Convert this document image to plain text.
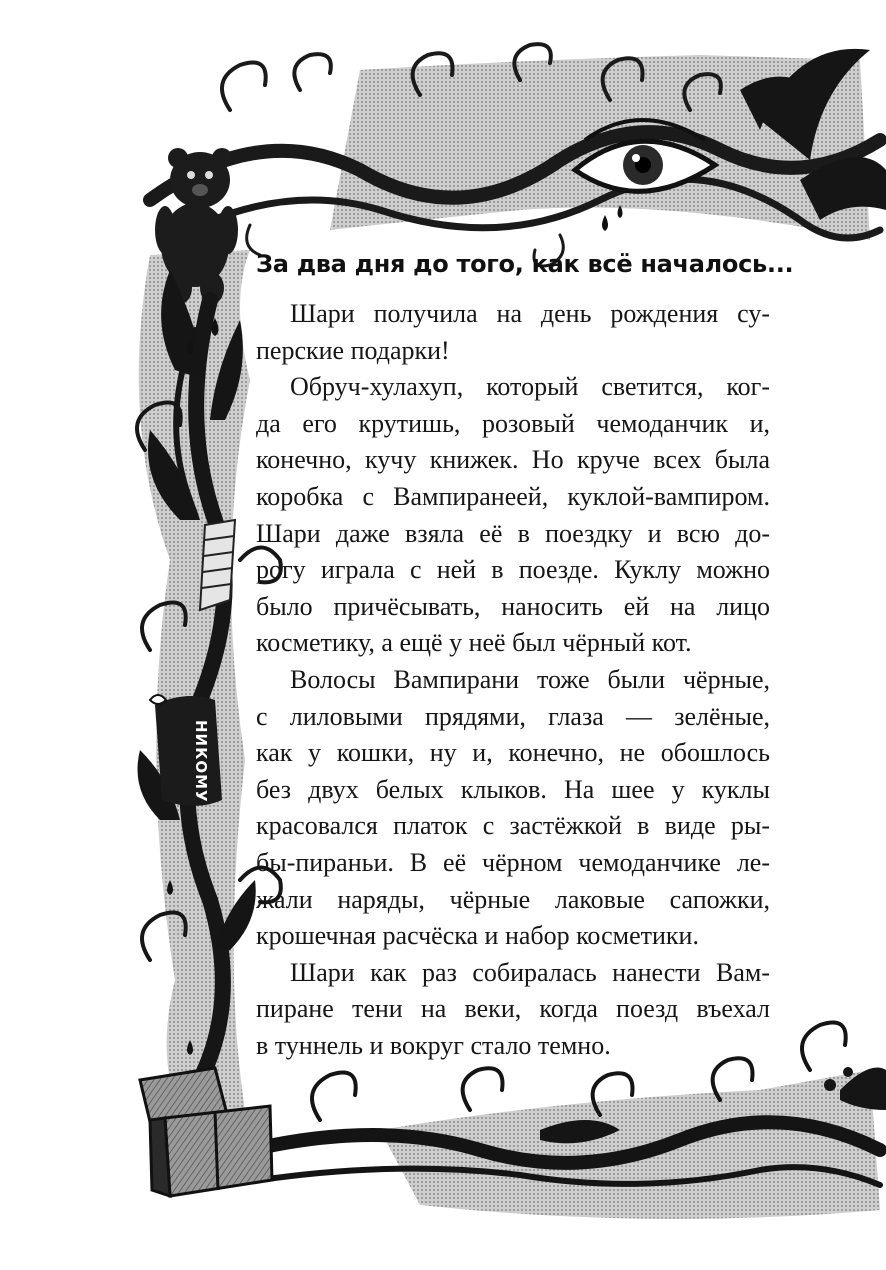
НИКОМУ
За два дня до того, как всё началось...
Шари получила на день рождения су-
перские подарки!
Обруч-хулахуп, который светится, ког-
да его крутишь, розовый чемоданчик и,
конечно, кучу книжек. Но круче всех была
коробка с Вампиранеей, куклой-вампиром.
Шари даже взяла её в поездку и всю до-
рогу играла с ней в поезде. Куклу можно
было причёсывать, наносить ей на лицо
косметику, а ещё у неё был чёрный кот.
Волосы Вампирани тоже были чёрные,
с лиловыми прядями, глаза — зелёные,
как у кошки, ну и, конечно, не обошлось
без двух белых клыков. На шее у куклы
красовался платок с застёжкой в виде ры-
бы-пираньи. В её чёрном чемоданчике ле-
жали наряды, чёрные лаковые сапожки,
крошечная расчёска и набор косметики.
Шари как раз собиралась нанести Вам-
пиране тени на веки, когда поезд въехал
в туннель и вокруг стало темно.
